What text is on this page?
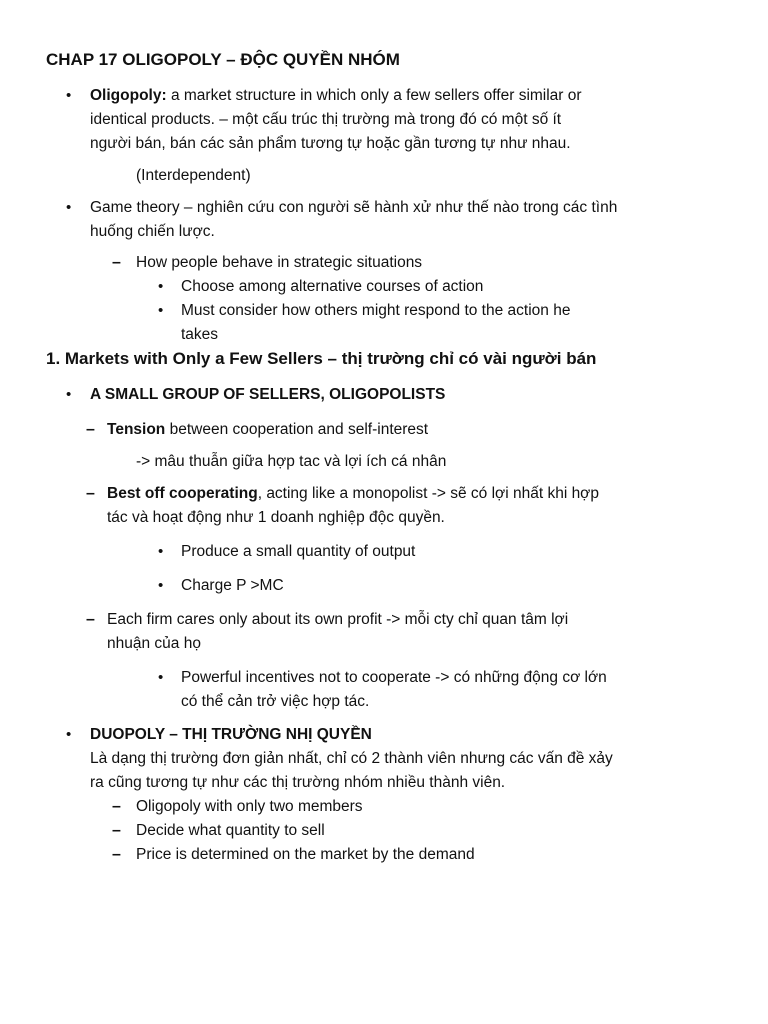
CHAP 17 OLIGOPOLY – ĐỘC QUYỀN NHÓM
• Oligopoly: a market structure in which only a few sellers offer similar or
identical products. – một cấu trúc thị trường mà trong đó có một số ít
người bán, bán các sản phẩm tương tự hoặc gần tương tự như nhau.
(Interdependent)
• Game theory – nghiên cứu con người sẽ hành xử như thế nào trong các tình
huống chiến lược.
– How people behave in strategic situations
• Choose among alternative courses of action
• Must consider how others might respond to the action he
takes
1. Markets with Only a Few Sellers – thị trường chỉ có vài người bán
• A SMALL GROUP OF SELLERS, OLIGOPOLISTS
– Tension between cooperation and self-interest
-> mâu thuẫn giữa hợp tac và lợi ích cá nhân
– Best off cooperating, acting like a monopolist -> sẽ có lợi nhất khi hợp
tác và hoạt động như 1 doanh nghiệp độc quyền.
• Produce a small quantity of output
• Charge P >MC
– Each firm cares only about its own profit -> mỗi cty chỉ quan tâm lợi
nhuận của họ
• Powerful incentives not to cooperate -> có những động cơ lớn
có thể cản trở việc hợp tác.
• DUOPOLY – THỊ TRƯỜNG NHỊ QUYỀN
Là dạng thị trường đơn giản nhất, chỉ có 2 thành viên nhưng các vấn đề xảy
ra cũng tương tự như các thị trường nhóm nhiều thành viên.
– Oligopoly with only two members
– Decide what quantity to sell
– Price is determined on the market by the demand
